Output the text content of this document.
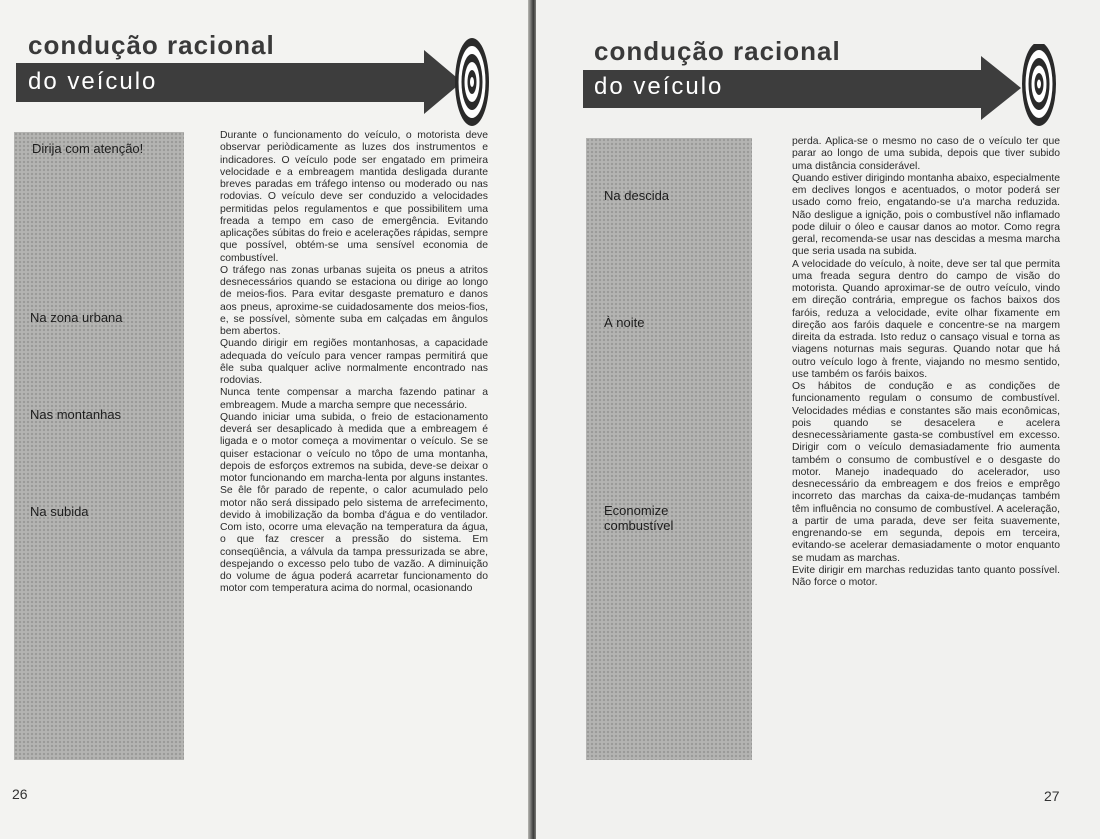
condução racional
do veículo
Dirija com atenção!
Na zona urbana
Nas montanhas
Na subida

Durante o funcionamento do veículo, o motorista deve observar periòdicamente as luzes dos instrumentos e indicadores. O veículo pode ser engatado em primeira velocidade e a embreagem mantida desligada durante breves paradas em tráfego intenso ou moderado ou nas rodovias. O veículo deve ser conduzido a velocidades permitidas pelos regulamentos e que possibilitem uma freada a tempo em caso de emergência. Evitando aplicações súbitas do freio e acelerações rápidas, sempre que possível, obtém-se uma sensível economia de combustível.

O tráfego nas zonas urbanas sujeita os pneus a atritos desnecessários quando se estaciona ou dirige ao longo de meios-fios. Para evitar desgaste prematuro e danos aos pneus, aproxime-se cuidadosamente dos meios-fios, e, se possível, sòmente suba em calçadas em ângulos bem abertos.

Quando dirigir em regiões montanhosas, a capacidade adequada do veículo para vencer rampas permitirá que êle suba qualquer aclive normalmente encontrado nas rodovias.

Nunca tente compensar a marcha fazendo patinar a embreagem. Mude a marcha sempre que necessário.

Quando iniciar uma subida, o freio de estacionamento deverá ser desaplicado à medida que a embreagem é ligada e o motor começa a movimentar o veículo. Se se quiser estacionar o veículo no tôpo de uma montanha, depois de esforços extremos na subida, deve-se deixar o motor funcionando em marcha-lenta por alguns instantes. Se êle fôr parado de repente, o calor acumulado pelo motor não será dissipado pelo sistema de arrefecimento, devido à imobilização da bomba d'água e do ventilador. Com isto, ocorre uma elevação na temperatura da água, o que faz crescer a pressão do sistema. Em conseqüência, a válvula da tampa pressurizada se abre, despejando o excesso pelo tubo de vazão. A diminuição do volume de água poderá acarretar funcionamento do motor com temperatura acima do normal, ocasionando

26
condução racional
do veículo
Na descida
À noite
Economize combustível

perda. Aplica-se o mesmo no caso de o veículo ter que parar ao longo de uma subida, depois que tiver subido uma distância considerável.

Quando estiver dirigindo montanha abaixo, especialmente em declives longos e acentuados, o motor poderá ser usado como freio, engatando-se u'a marcha reduzida. Não desligue a ignição, pois o combustível não inflamado pode diluir o óleo e causar danos ao motor. Como regra geral, recomenda-se usar nas descidas a mesma marcha que seria usada na subida.

A velocidade do veículo, à noite, deve ser tal que permita uma freada segura dentro do campo de visão do motorista. Quando aproximar-se de outro veículo, vindo em direção contrária, empregue os fachos baixos dos faróis, reduza a velocidade, evite olhar fixamente em direção aos faróis daquele e concentre-se na margem direita da estrada. Isto reduz o cansaço visual e torna as viagens noturnas mais seguras. Quando notar que há outro veículo logo à frente, viajando no mesmo sentido, use também os faróis baixos.

Os hábitos de condução e as condições de funcionamento regulam o consumo de combustível. Velocidades médias e constantes são mais econômicas, pois quando se desacelera e acelera desnecessàriamente gasta-se combustível em excesso. Dirigir com o veículo demasiadamente frio aumenta também o consumo de combustível e o desgaste do motor. Manejo inadequado do acelerador, uso desnecessário da embreagem e dos freios e emprêgo incorreto das marchas da caixa-de-mudanças também têm influência no consumo de combustível. A aceleração, a partir de uma parada, deve ser feita suavemente, engrenando-se em segunda, depois em terceira, evitando-se acelerar demasiadamente o motor enquanto se mudam as marchas.

Evite dirigir em marchas reduzidas tanto quanto possível. Não force o motor.

27
